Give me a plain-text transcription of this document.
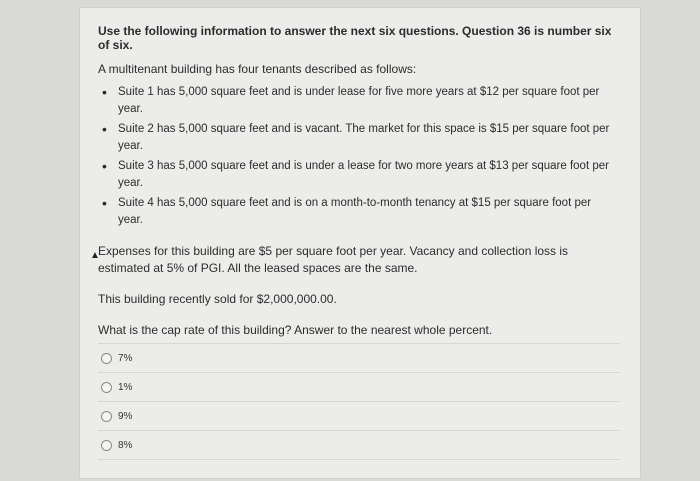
Use the following information to answer the next six questions. Question 36 is number six of six.

A multitenant building has four tenants described as follows:

• Suite 1 has 5,000 square feet and is under lease for five more years at $12 per square foot per year.
• Suite 2 has 5,000 square feet and is vacant. The market for this space is $15 per square foot per year.
• Suite 3 has 5,000 square feet and is under a lease for two more years at $13 per square foot per year.
• Suite 4 has 5,000 square feet and is on a month-to-month tenancy at $15 per square foot per year.

▲
Expenses for this building are $5 per square foot per year. Vacancy and collection loss is estimated at 5% of PGI. All the leased spaces are the same.

This building recently sold for $2,000,000.00.

What is the cap rate of this building? Answer to the nearest whole percent.

7%
1%
9%
8%
